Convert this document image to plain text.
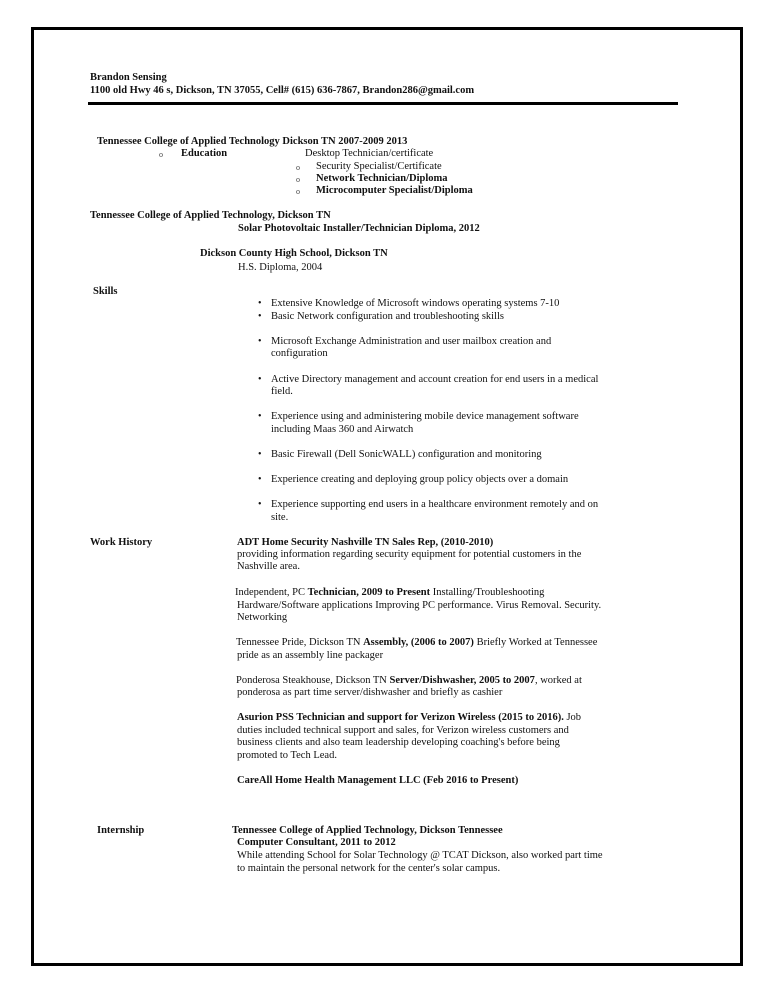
Brandon Sensing
1100 old Hwy 46 s, Dickson, TN 37055, Cell# (615) 636-7867, Brandon286@gmail.com
Tennessee College of Applied Technology Dickson TN 2007-2009 2013
o Education	Desktop Technician/certificate
o Security Specialist/Certificate
o Network Technician/Diploma
o Microcomputer Specialist/Diploma
Tennessee College of Applied Technology, Dickson TN
Solar Photovoltaic Installer/Technician Diploma, 2012
Dickson County High School, Dickson TN
H.S. Diploma, 2004
Skills
• Extensive Knowledge of Microsoft windows operating systems 7-10
• Basic Network configuration and troubleshooting skills
• Microsoft Exchange Administration and user mailbox creation and
configuration
• Active Directory management and account creation for end users in a medical
field.
• Experience using and administering mobile device management software
including Maas 360 and Airwatch
• Basic Firewall (Dell SonicWALL) configuration and monitoring
• Experience creating and deploying group policy objects over a domain
• Experience supporting end users in a healthcare environment remotely and on
site.
Work History	ADT Home Security Nashville TN Sales Rep, (2010-2010)
providing information regarding security equipment for potential customers in the
Nashville area.
Independent, PC Technician, 2009 to Present Installing/Troubleshooting
Hardware/Software applications Improving PC performance. Virus Removal. Security.
Networking
Tennessee Pride, Dickson TN Assembly, (2006 to 2007) Briefly Worked at Tennessee
pride as an assembly line packager
Ponderosa Steakhouse, Dickson TN Server/Dishwasher, 2005 to 2007, worked at
ponderosa as part time server/dishwasher and briefly as cashier
Asurion PSS Technician and support for Verizon Wireless (2015 to 2016). Job
duties included technical support and sales, for Verizon wireless customers and
business clients and also team leadership developing coaching's before being
promoted to Tech Lead.
CareAll Home Health Management LLC (Feb 2016 to Present)
Internship	Tennessee College of Applied Technology, Dickson Tennessee
Computer Consultant, 2011 to 2012
While attending School for Solar Technology @ TCAT Dickson, also worked part time
to maintain the personal network for the center's solar campus.
